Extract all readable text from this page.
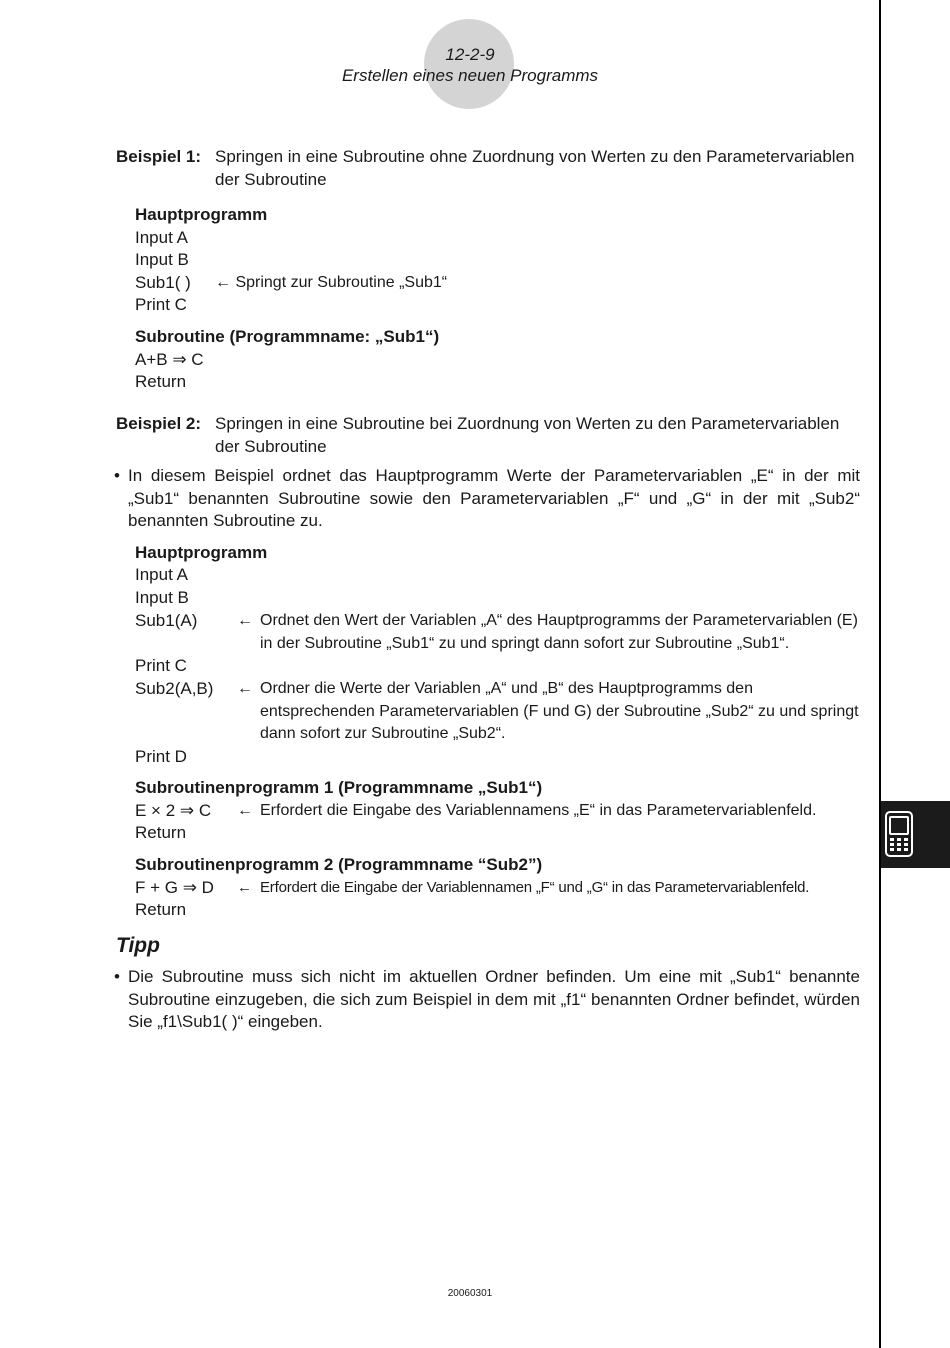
12-2-9
Erstellen eines neuen Programms
Beispiel 1: Springen in eine Subroutine ohne Zuordnung von Werten zu den Parametervariablen der Subroutine
Hauptprogramm
Input A
Input B
Sub1( ) ← Springt zur Subroutine „Sub1“
Print C
Subroutine (Programmname: „Sub1“)
A+B ⇒ C
Return
Beispiel 2: Springen in eine Subroutine bei Zuordnung von Werten zu den Parametervariablen der Subroutine
• In diesem Beispiel ordnet das Hauptprogramm Werte der Parametervariablen „E“ in der mit „Sub1“ benannten Subroutine sowie den Parametervariablen „F“ und „G“ in der mit „Sub2“ benannten Subroutine zu.
Hauptprogramm
Input A
Input B
Sub1(A) ← Ordnet den Wert der Variablen „A“ des Hauptprogramms der Parametervariablen (E) in der Subroutine „Sub1“ zu und springt dann sofort zur Subroutine „Sub1“.
Print C
Sub2(A,B) ← Ordner die Werte der Variablen „A“ und „B“ des Hauptprogramms den entsprechenden Parametervariablen (F und G) der Subroutine „Sub2“ zu und springt dann sofort zur Subroutine „Sub2“.
Print D
Subroutinenprogramm 1 (Programmname „Sub1“)
E × 2 ⇒ C ← Erfordert die Eingabe des Variablennamens „E“ in das Parametervariablenfeld.
Return
Subroutinenprogramm 2 (Programmname “Sub2”)
F + G ⇒ D ← Erfordert die Eingabe der Variablennamen „F“ und „G“ in das Parametervariablenfeld.
Return
Tipp
• Die Subroutine muss sich nicht im aktuellen Ordner befinden. Um eine mit „Sub1“ benannte Subroutine einzugeben, die sich zum Beispiel in dem mit „f1“ benannten Ordner befindet, würden Sie „f1\Sub1( )“ eingeben.
20060301
